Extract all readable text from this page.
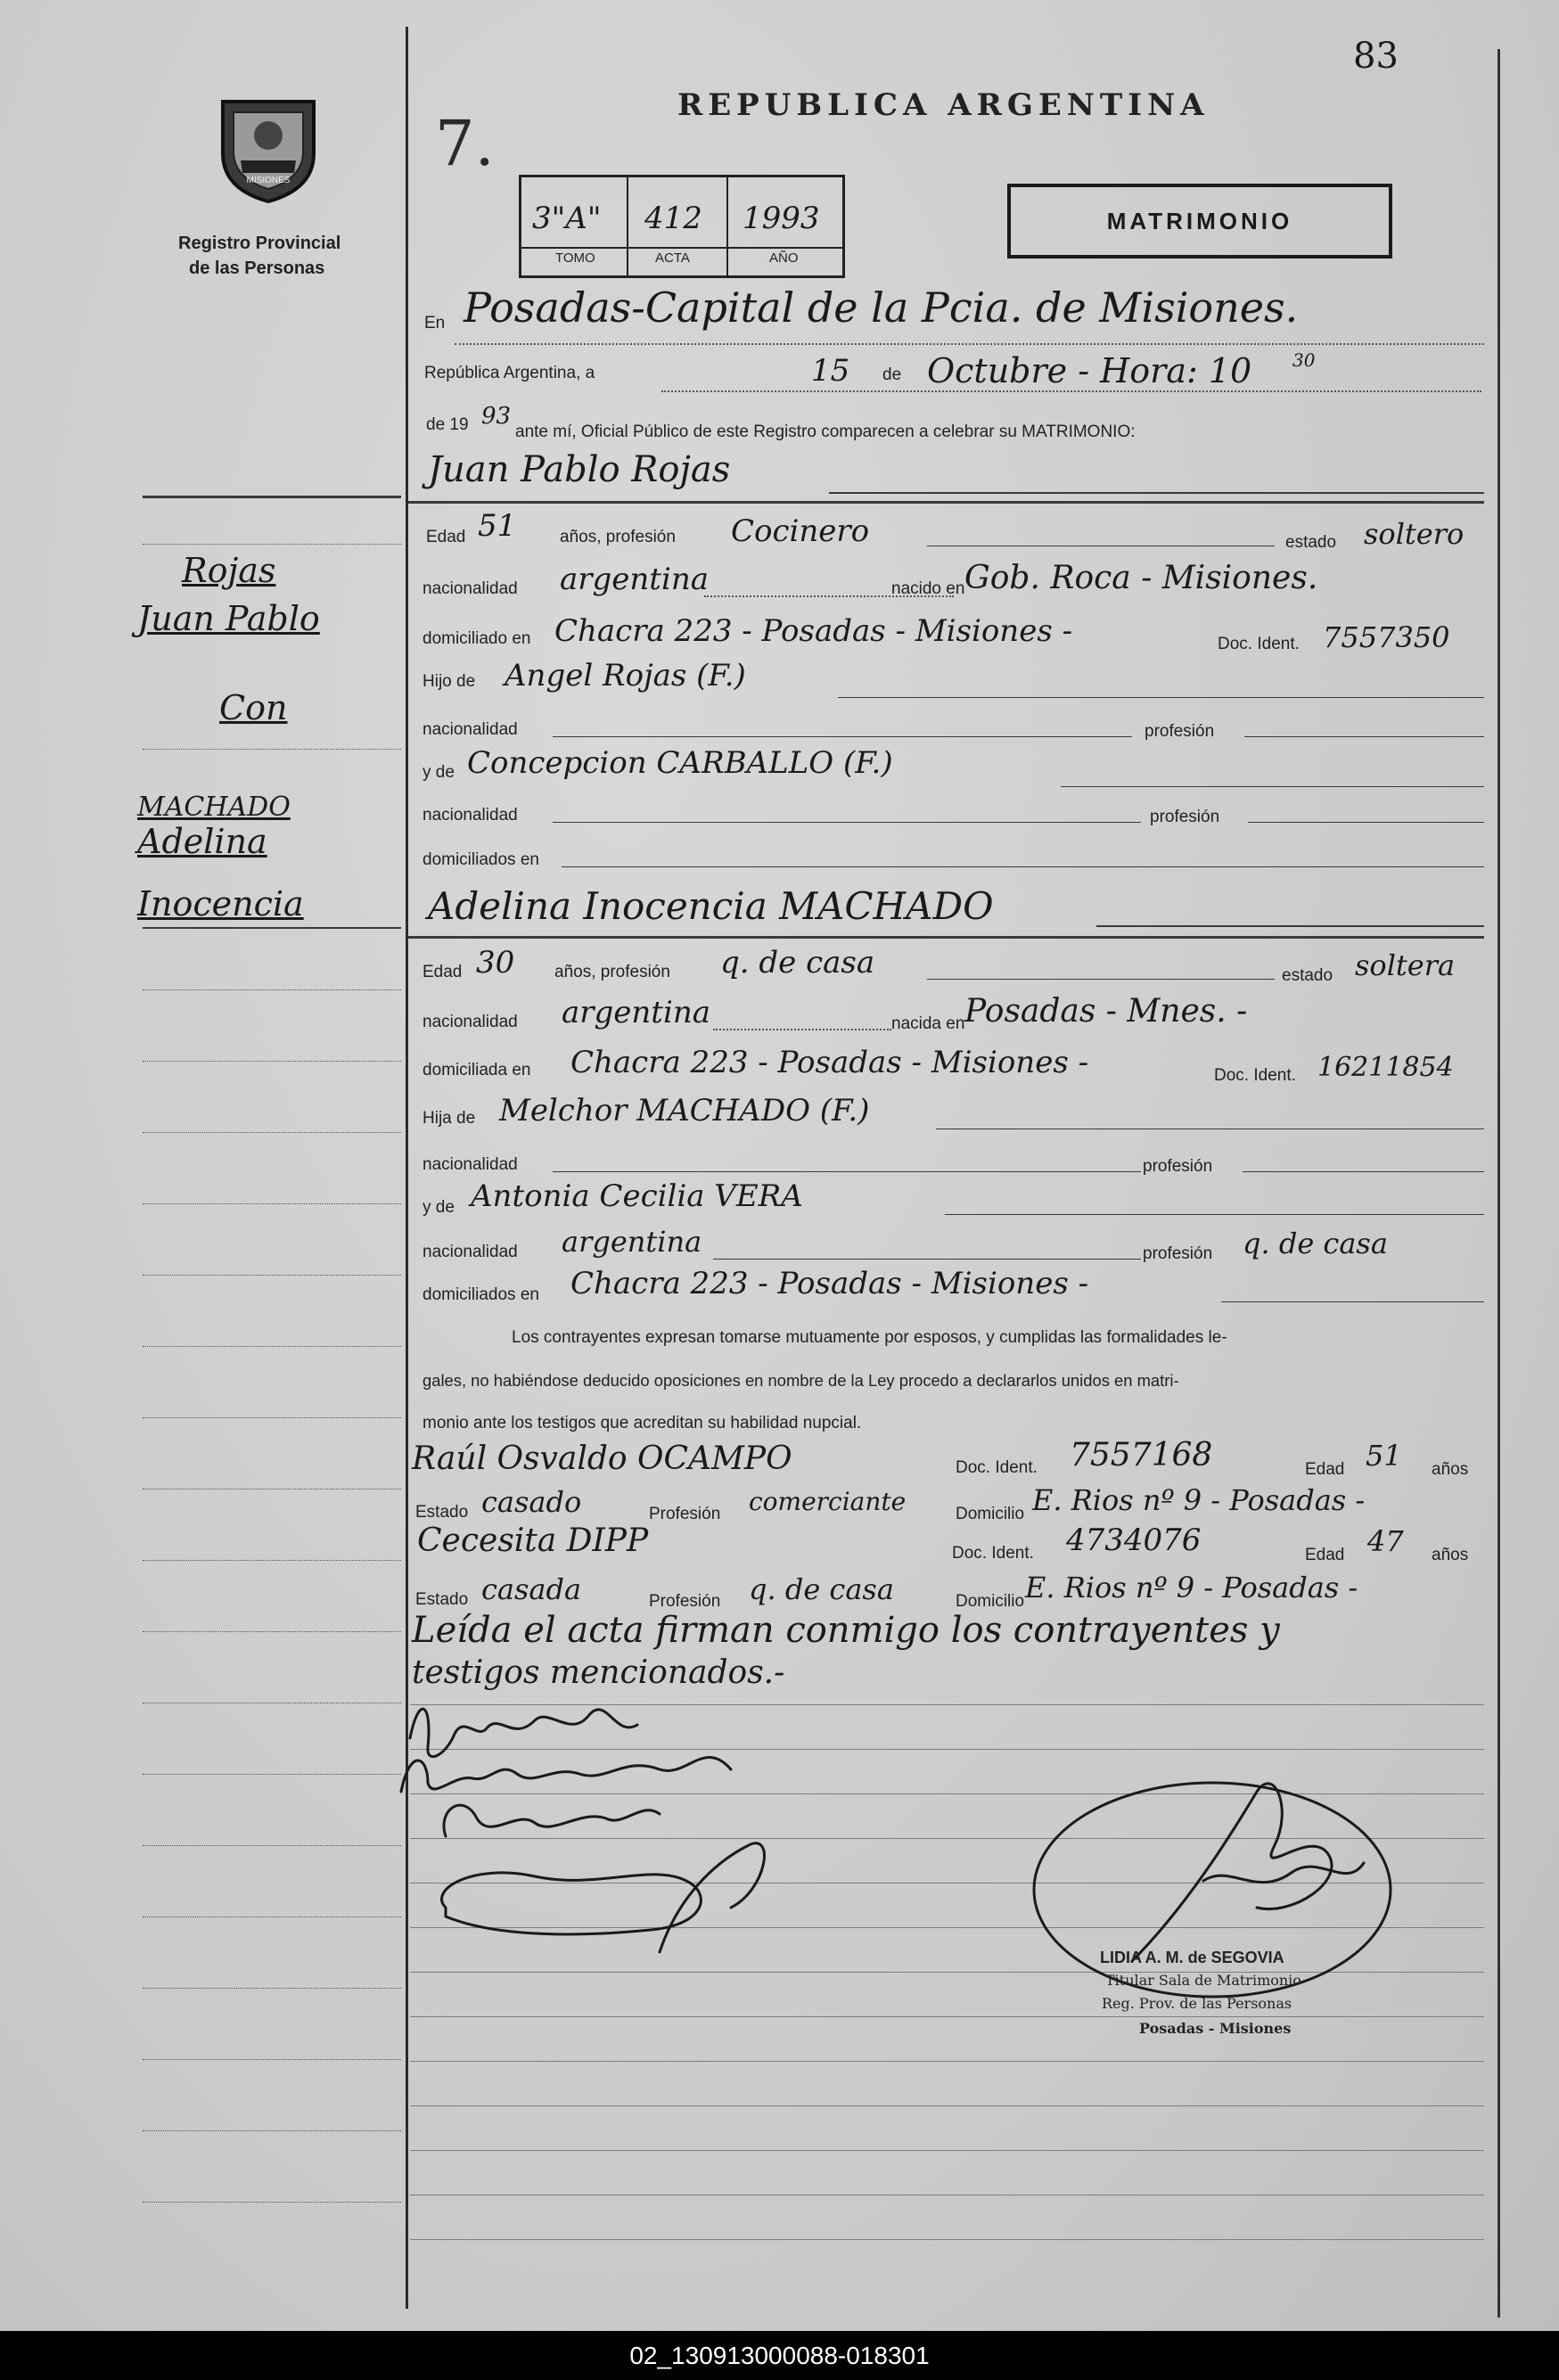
83
MISIONES
Registro Provincial
de las Personas
7.
REPUBLICA ARGENTINA
3"A" 412 1993
TOMO	ACTA	AÑO
MATRIMONIO
En Posadas-Capital de la Pcia. de Misiones.
República Argentina, a	15 de Octubre - Hora: 10 30
de 19 93
ante mí, Oficial Público de este Registro comparecen a celebrar su MATRIMONIO:
Juan Pablo Rojas
Edad 51	años, profesión Cocinero	estado soltero
nacionalidad argentina	nacido en Gob. Roca - Misiones.
domiciliado en Chacra 223 - Posadas - Misiones -	Doc. Ident. 7557350
Hijo de Angel Rojas (F.)
nacionalidad	profesión
y de Concepcion CARBALLO (F.)
nacionalidad	profesión
domiciliados en
Adelina Inocencia MACHADO
Edad 30 años, profesión q. de casa	estado soltera
nacionalidad argentina	nacida en Posadas - Mnes. -
domiciliada en Chacra 223 - Posadas - Misiones -	Doc. Ident. 16211854
Hija de Melchor MACHADO (F.)
nacionalidad	profesión
y de Antonia Cecilia VERA
nacionalidad argentina	profesión q. de casa
domiciliados en Chacra 223 - Posadas - Misiones -
Los contrayentes expresan tomarse mutuamente por esposos, y cumplidas las formalidades le-
gales, no habiéndose deducido oposiciones en nombre de la Ley procedo a declararlos unidos en matri-
monio ante los testigos que acreditan su habilidad nupcial.
Raúl Osvaldo OCAMPO	Doc. Ident. 7557168	Edad 51 años
Estado casado	Profesión comerciante	Domicilio E. Rios nº 9 - Posadas -
Cecesita DIPP	Doc. Ident. 4734076	Edad 47 años
Estado casada	Profesión q. de casa	Domicilio E. Rios nº 9 - Posadas -
Leída el acta firman conmigo los contrayentes y
testigos mencionados.-
LIDIA A. M. de SEGOVIA
Titular Sala de Matrimonio
Reg. Prov. de las Personas
Posadas - Misiones
Rojas
Juan Pablo
Con
MACHADO
Adelina
Inocencia
02_130913000088-018301
